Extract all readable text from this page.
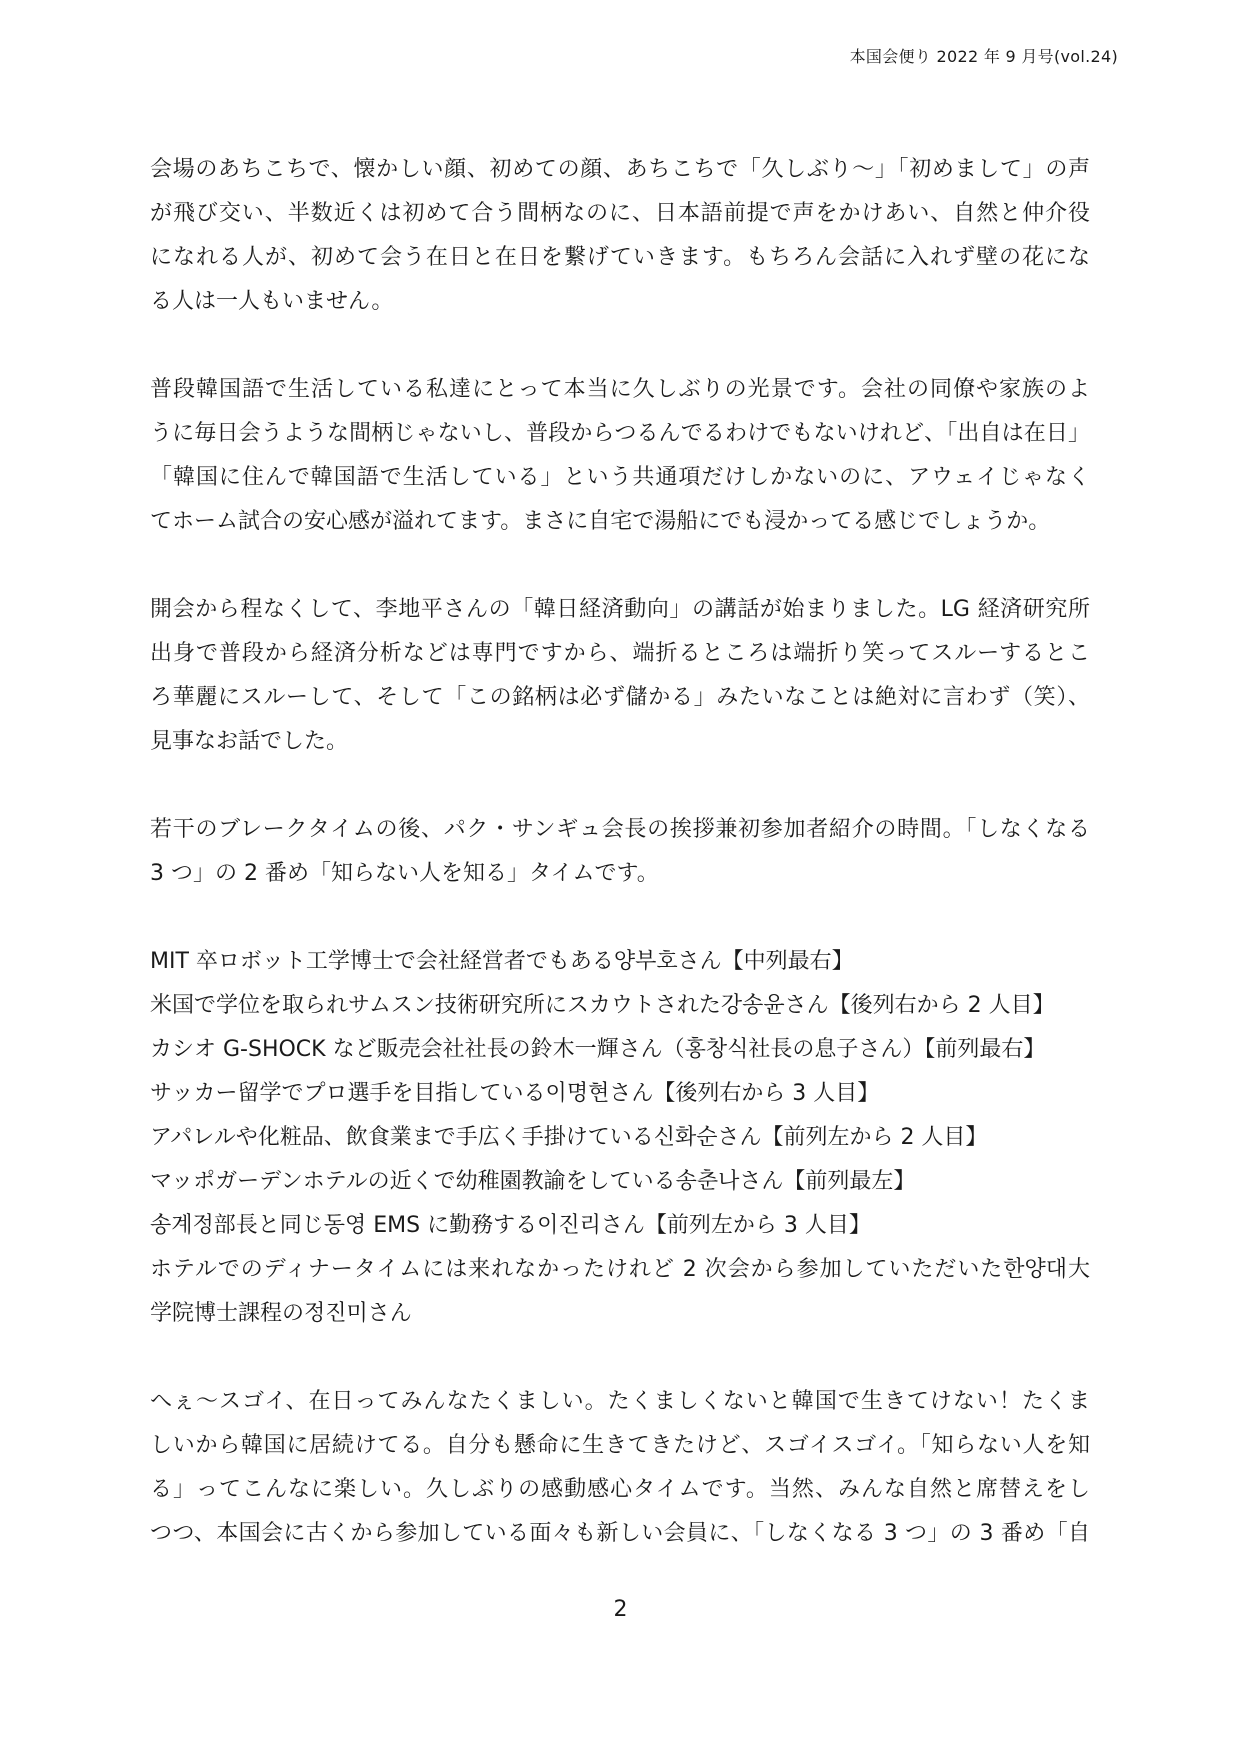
本国会便り 2022 年 9 月号(vol.24)
会場のあちこちで、懐かしい顔、初めての顔、あちこちで「久しぶり～」「初めまして」の声
が飛び交い、半数近くは初めて合う間柄なのに、日本語前提で声をかけあい、自然と仲介役
になれる人が、初めて会う在日と在日を繋げていきます。もちろん会話に入れず壁の花にな
る人は一人もいません。
普段韓国語で生活している私達にとって本当に久しぶりの光景です。会社の同僚や家族のよ
うに毎日会うような間柄じゃないし、普段からつるんでるわけでもないけれど、「出自は在日」
「韓国に住んで韓国語で生活している」という共通項だけしかないのに、アウェイじゃなく
てホーム試合の安心感が溢れてます。まさに自宅で湯船にでも浸かってる感じでしょうか。
開会から程なくして、李地平さんの「韓日経済動向」の講話が始まりました。LG 経済研究所
出身で普段から経済分析などは専門ですから、端折るところは端折り笑ってスルーするとこ
ろ華麗にスルーして、そして「この銘柄は必ず儲かる」みたいなことは絶対に言わず（笑）、
見事なお話でした。
若干のブレークタイムの後、パク・サンギュ会長の挨拶兼初参加者紹介の時間。「しなくなる
3 つ」の 2 番め「知らない人を知る」タイムです。
MIT 卒ロボット工学博士で会社経営者でもある양부호さん【中列最右】
米国で学位を取られサムスン技術研究所にスカウトされた강송윤さん【後列右から 2 人目】
カシオ G-SHOCK など販売会社社長の鈴木一輝さん（홍창식社長の息子さん）【前列最右】
サッカー留学でプロ選手を目指している이명현さん【後列右から 3 人目】
アパレルや化粧品、飲食業まで手広く手掛けている신화순さん【前列左から 2 人目】
マッポガーデンホテルの近くで幼稚園教諭をしている송춘나さん【前列最左】
송계정部長と同じ동영 EMS に勤務する이진리さん【前列左から 3 人目】
ホテルでのディナータイムには来れなかったけれど 2 次会から参加していただいた한양대大
学院博士課程の정진미さん
へぇ～スゴイ、在日ってみんなたくましい。たくましくないと韓国で生きてけない！たくま
しいから韓国に居続けてる。自分も懸命に生きてきたけど、スゴイスゴイ。「知らない人を知
る」ってこんなに楽しい。久しぶりの感動感心タイムです。当然、みんな自然と席替えをし
つつ、本国会に古くから参加している面々も新しい会員に、「しなくなる 3 つ」の 3 番め「自
2
